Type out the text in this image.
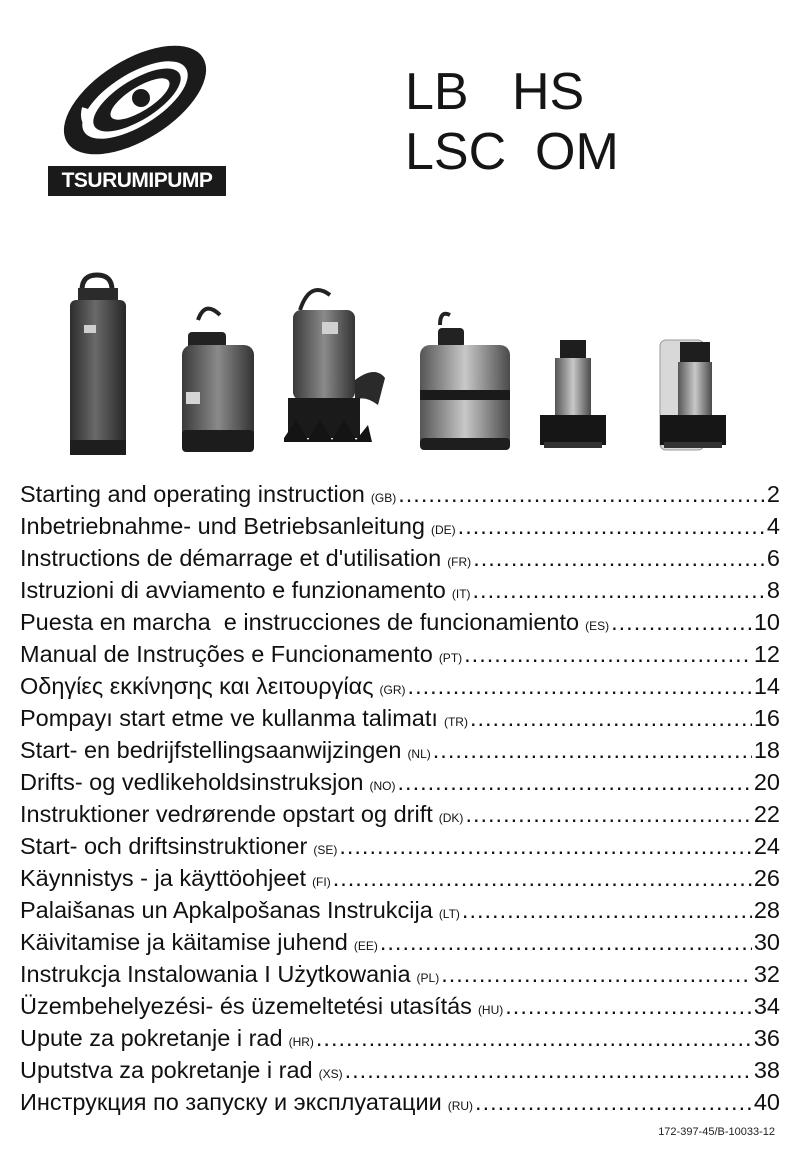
TSURUMIPUMP
LB   HS
LSC  OM
Starting and operating instruction (GB) .....	2
Inbetriebnahme- und Betriebsanleitung (DE) .....	4
Instructions de démarrage et d'utilisation (FR) .....	6
Istruzioni di avviamento e funzionamento (IT) .....	8
Puesta en marcha  e instrucciones de funcionamiento (ES) .....	10
Manual de Instruções e Funcionamento (PT) .....	12
Οδηγίες εκκίνησης και λειτουργίας (GR) .....	14
Pompayı start etme ve kullanma talimatı (TR) .....	16
Start- en bedrijfstellingsaanwijzingen (NL) .....	18
Drifts- og vedlikeholdsinstruksjon (NO) .....	20
Instruktioner vedrørende opstart og drift (DK) .....	22
Start- och driftsinstruktioner (SE) .....	24
Käynnistys - ja käyttöohjeet (FI) .....	26
Palaišanas un Apkalpošanas Instrukcija (LT) .....	28
Käivitamise ja käitamise juhend (EE) .....	30
Instrukcja Instalowania I Użytkowania (PL) .....	32
Üzembehelyezési- és üzemeltetési utasítás (HU) .....	34
Upute za pokretanje i rad (HR) .....	36
Uputstva za pokretanje i rad (XS) .....	38
Инструкция по запуску и эксплуатации (RU) .....	40
172-397-45/B-10033-12
